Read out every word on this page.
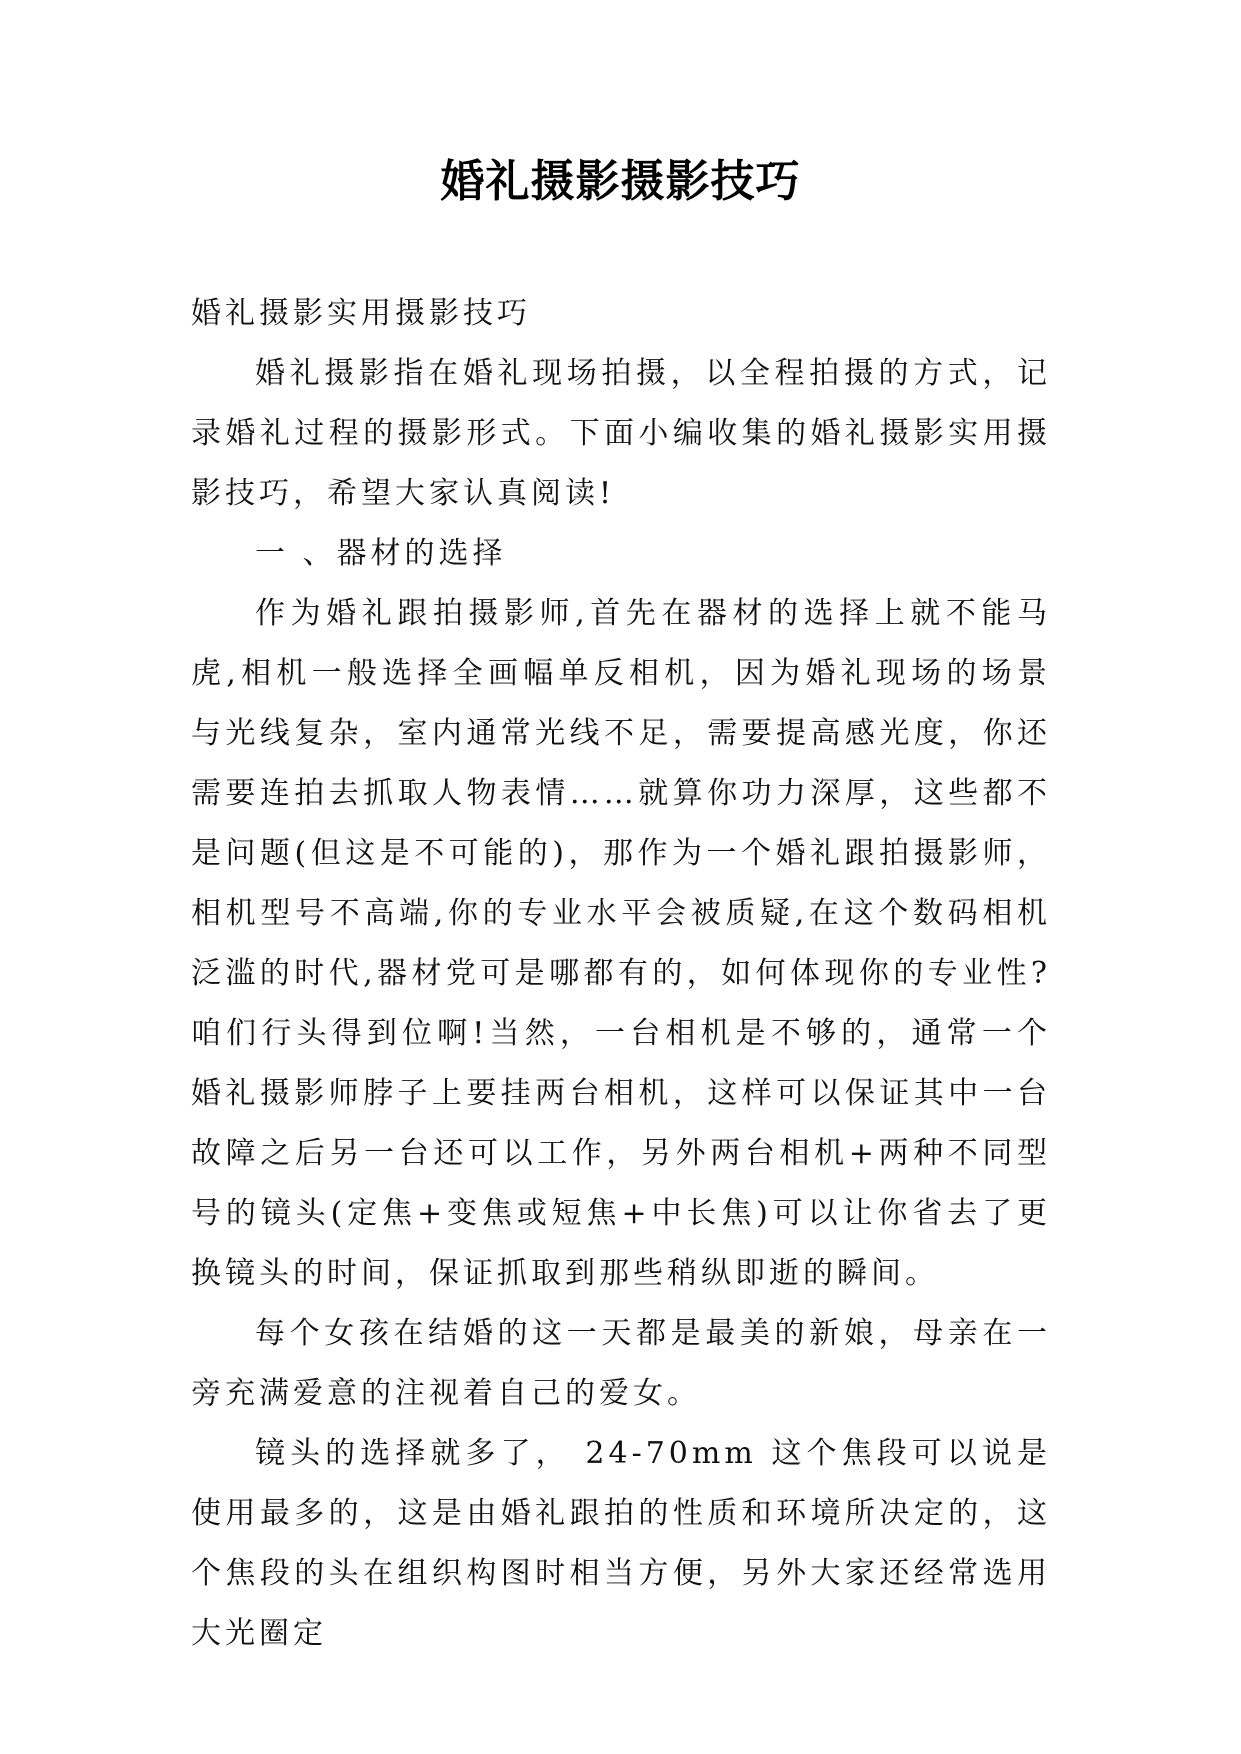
婚礼摄影摄影技巧

婚礼摄影实用摄影技巧

婚礼摄影指在婚礼现场拍摄，以全程拍摄的方式，记录婚礼过程的摄影形式。下面小编收集的婚礼摄影实用摄影技巧，希望大家认真阅读!

一 、器材的选择

作为婚礼跟拍摄影师,首先在器材的选择上就不能马虎,相机一般选择全画幅单反相机，因为婚礼现场的场景与光线复杂，室内通常光线不足，需要提高感光度，你还需要连拍去抓取人物表情……就算你功力深厚，这些都不是问题(但这是不可能的)，那作为一个婚礼跟拍摄影师，相机型号不高端,你的专业水平会被质疑,在这个数码相机泛滥的时代,器材党可是哪都有的，如何体现你的专业性?咱们行头得到位啊!当然，一台相机是不够的，通常一个婚礼摄影师脖子上要挂两台相机，这样可以保证其中一台故障之后另一台还可以工作，另外两台相机+两种不同型号的镜头(定焦+变焦或短焦+中长焦)可以让你省去了更换镜头的时间，保证抓取到那些稍纵即逝的瞬间。

每个女孩在结婚的这一天都是最美的新娘，母亲在一旁充满爱意的注视着自己的爱女。

镜头的选择就多了， 24-70mm 这个焦段可以说是使用最多的，这是由婚礼跟拍的性质和环境所决定的，这个焦段的头在组织构图时相当方便，另外大家还经常选用大光圈定
